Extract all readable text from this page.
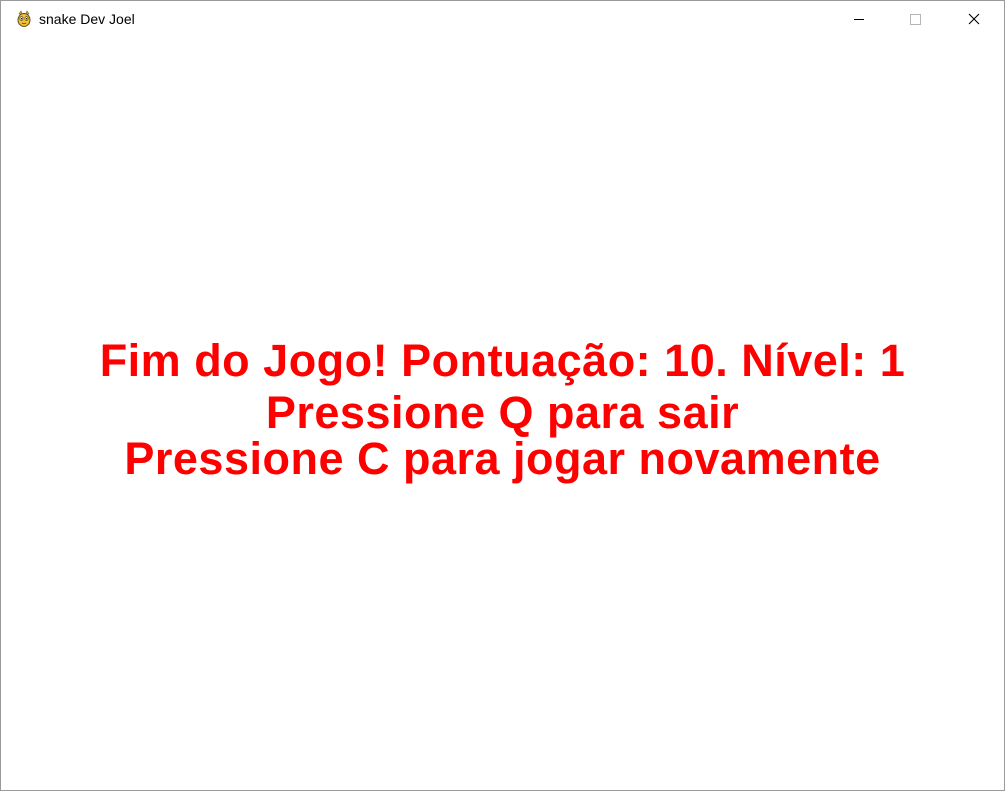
snake Dev Joel
Fim do Jogo! Pontuação: 10. Nível: 1
Pressione Q para sair
Pressione C para jogar novamente
